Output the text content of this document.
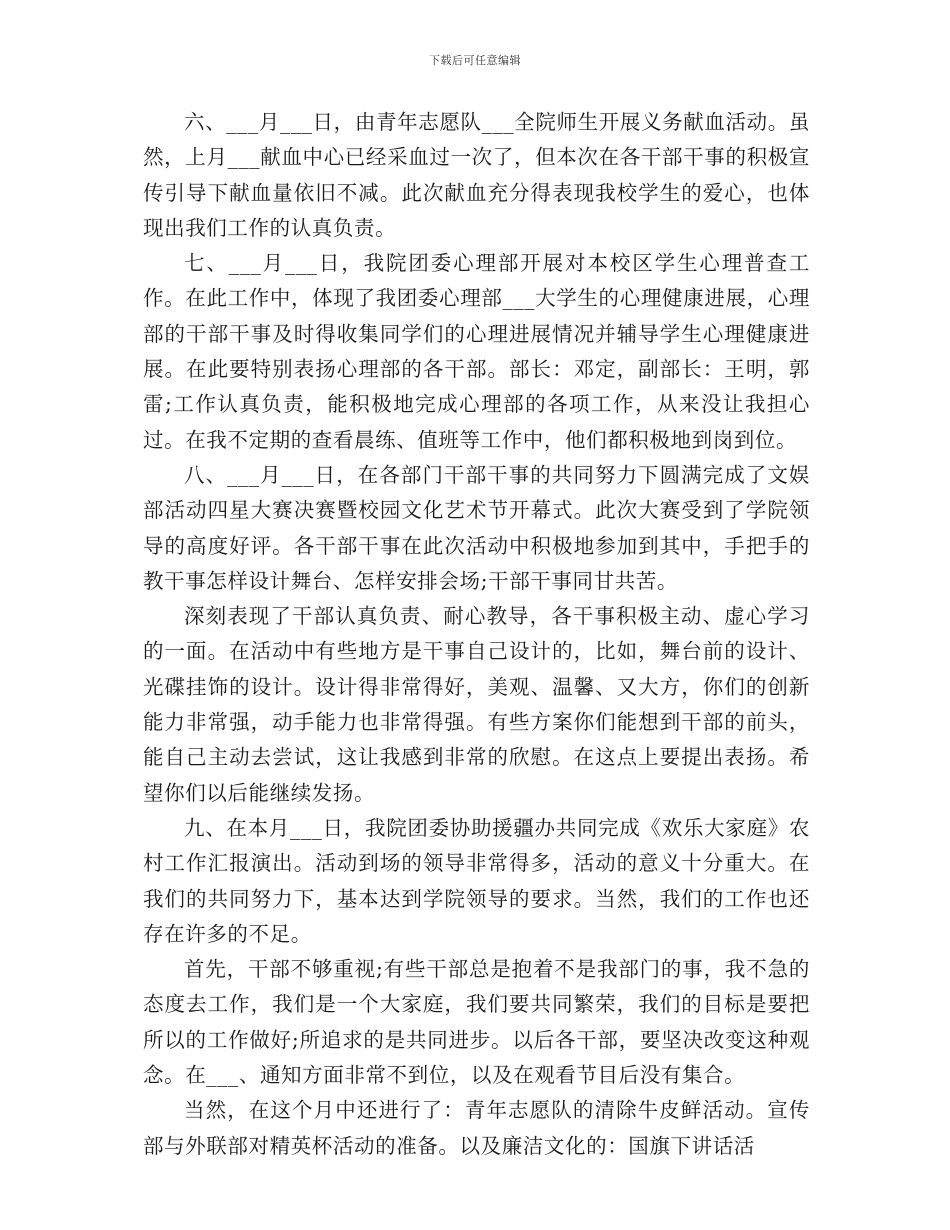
下载后可任意编辑

六、___月___日，由青年志愿队___全院师生开展义务献血活动。虽然，上月___献血中心已经采血过一次了，但本次在各干部干事的积极宣传引导下献血量依旧不减。此次献血充分得表现我校学生的爱心，也体现出我们工作的认真负责。

七、___月___日，我院团委心理部开展对本校区学生心理普查工作。在此工作中，体现了我团委心理部___大学生的心理健康进展，心理部的干部干事及时得收集同学们的心理进展情况并辅导学生心理健康进展。在此要特别表扬心理部的各干部。部长：邓定，副部长：王明，郭雷;工作认真负责，能积极地完成心理部的各项工作，从来没让我担心过。在我不定期的查看晨练、值班等工作中，他们都积极地到岗到位。

八、___月___日，在各部门干部干事的共同努力下圆满完成了文娱部活动四星大赛决赛暨校园文化艺术节开幕式。此次大赛受到了学院领导的高度好评。各干部干事在此次活动中积极地参加到其中，手把手的教干事怎样设计舞台、怎样安排会场;干部干事同甘共苦。

深刻表现了干部认真负责、耐心教导，各干事积极主动、虚心学习的一面。在活动中有些地方是干事自己设计的，比如，舞台前的设计、光碟挂饰的设计。设计得非常得好，美观、温馨、又大方，你们的创新能力非常强，动手能力也非常得强。有些方案你们能想到干部的前头，能自己主动去尝试，这让我感到非常的欣慰。在这点上要提出表扬。希望你们以后能继续发扬。

九、在本月___日，我院团委协助援疆办共同完成《欢乐大家庭》农村工作汇报演出。活动到场的领导非常得多，活动的意义十分重大。在我们的共同努力下，基本达到学院领导的要求。当然，我们的工作也还存在许多的不足。

首先，干部不够重视;有些干部总是抱着不是我部门的事，我不急的态度去工作，我们是一个大家庭，我们要共同繁荣，我们的目标是要把所以的工作做好;所追求的是共同进步。以后各干部，要坚决改变这种观念。在___、通知方面非常不到位，以及在观看节目后没有集合。

当然，在这个月中还进行了：青年志愿队的清除牛皮鲜活动。宣传部与外联部对精英杯活动的准备。以及廉洁文化的：国旗下讲话活
